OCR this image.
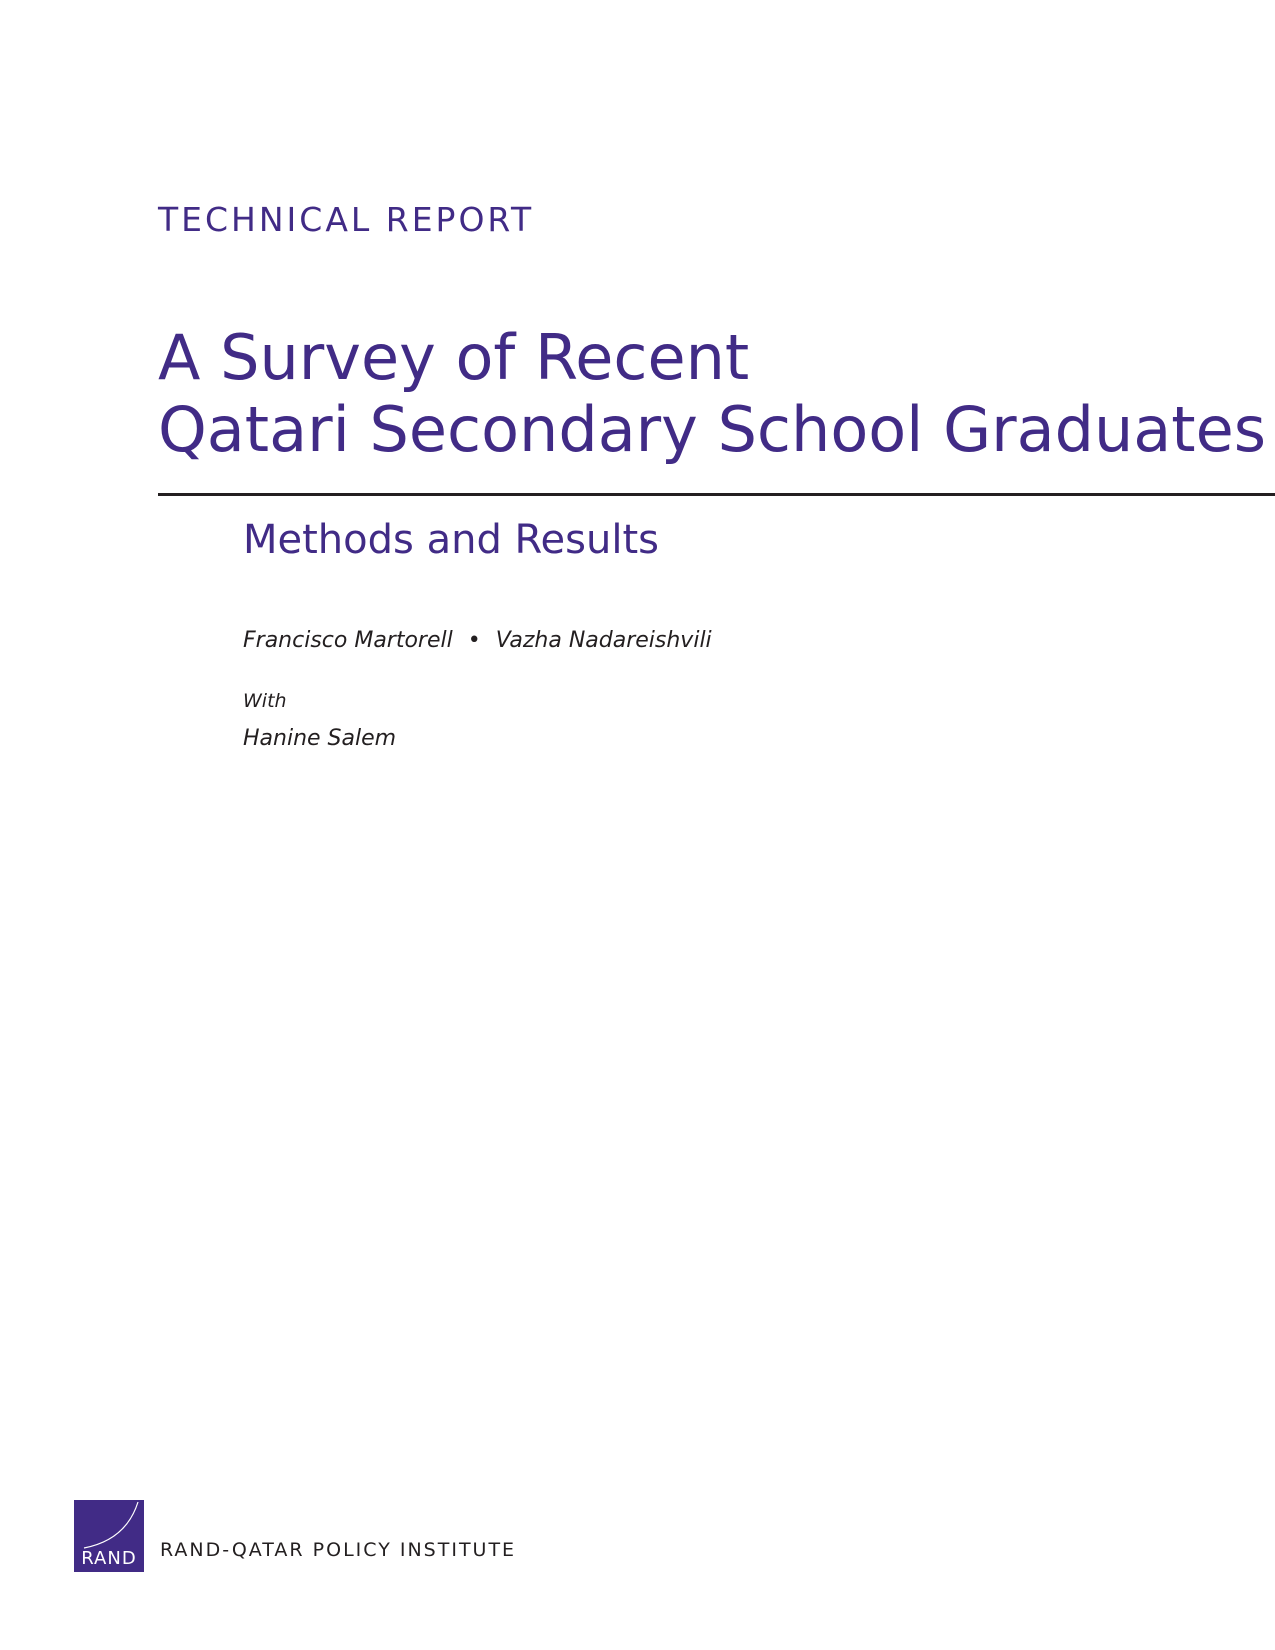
TECHNICAL REPORT
A Survey of Recent
Qatari Secondary School Graduates
Methods and Results
Francisco Martorell • Vazha Nadareishvili
With
Hanine Salem
RAND	RAND-QATAR POLICY INSTITUTE
